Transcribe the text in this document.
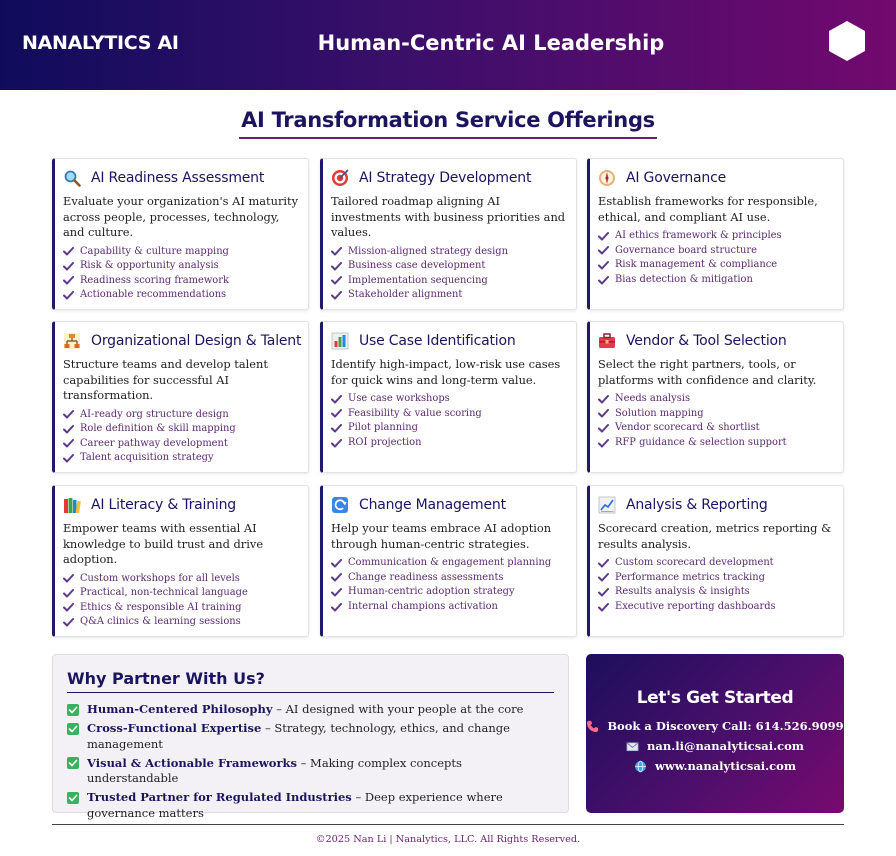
NANALYTICS AI	Human-Centric AI Leadership
AI Transformation Service Offerings
AI Readiness Assessment
Evaluate your organization's AI maturity across people, processes, technology, and culture.
Capability & culture mapping
Risk & opportunity analysis
Readiness scoring framework
Actionable recommendations
AI Strategy Development
Tailored roadmap aligning AI investments with business priorities and values.
Mission-aligned strategy design
Business case development
Implementation sequencing
Stakeholder alignment
AI Governance
Establish frameworks for responsible, ethical, and compliant AI use.
AI ethics framework & principles
Governance board structure
Risk management & compliance
Bias detection & mitigation
Organizational Design & Talent
Structure teams and develop talent capabilities for successful AI transformation.
AI-ready org structure design
Role definition & skill mapping
Career pathway development
Talent acquisition strategy
Use Case Identification
Identify high-impact, low-risk use cases for quick wins and long-term value.
Use case workshops
Feasibility & value scoring
Pilot planning
ROI projection
Vendor & Tool Selection
Select the right partners, tools, or platforms with confidence and clarity.
Needs analysis
Solution mapping
Vendor scorecard & shortlist
RFP guidance & selection support
AI Literacy & Training
Empower teams with essential AI knowledge to build trust and drive adoption.
Custom workshops for all levels
Practical, non-technical language
Ethics & responsible AI training
Q&A clinics & learning sessions
Change Management
Help your teams embrace AI adoption through human-centric strategies.
Communication & engagement planning
Change readiness assessments
Human-centric adoption strategy
Internal champions activation
Analysis & Reporting
Scorecard creation, metrics reporting & results analysis.
Custom scorecard development
Performance metrics tracking
Results analysis & insights
Executive reporting dashboards
Why Partner With Us?
Human-Centered Philosophy – AI designed with your people at the core
Cross-Functional Expertise – Strategy, technology, ethics, and change management
Visual & Actionable Frameworks – Making complex concepts understandable
Trusted Partner for Regulated Industries – Deep experience where governance matters
Let's Get Started
Book a Discovery Call: 614.526.9099
nan.li@nanalyticsai.com
www.nanalyticsai.com
©2025 Nan Li | Nanalytics, LLC. All Rights Reserved.
